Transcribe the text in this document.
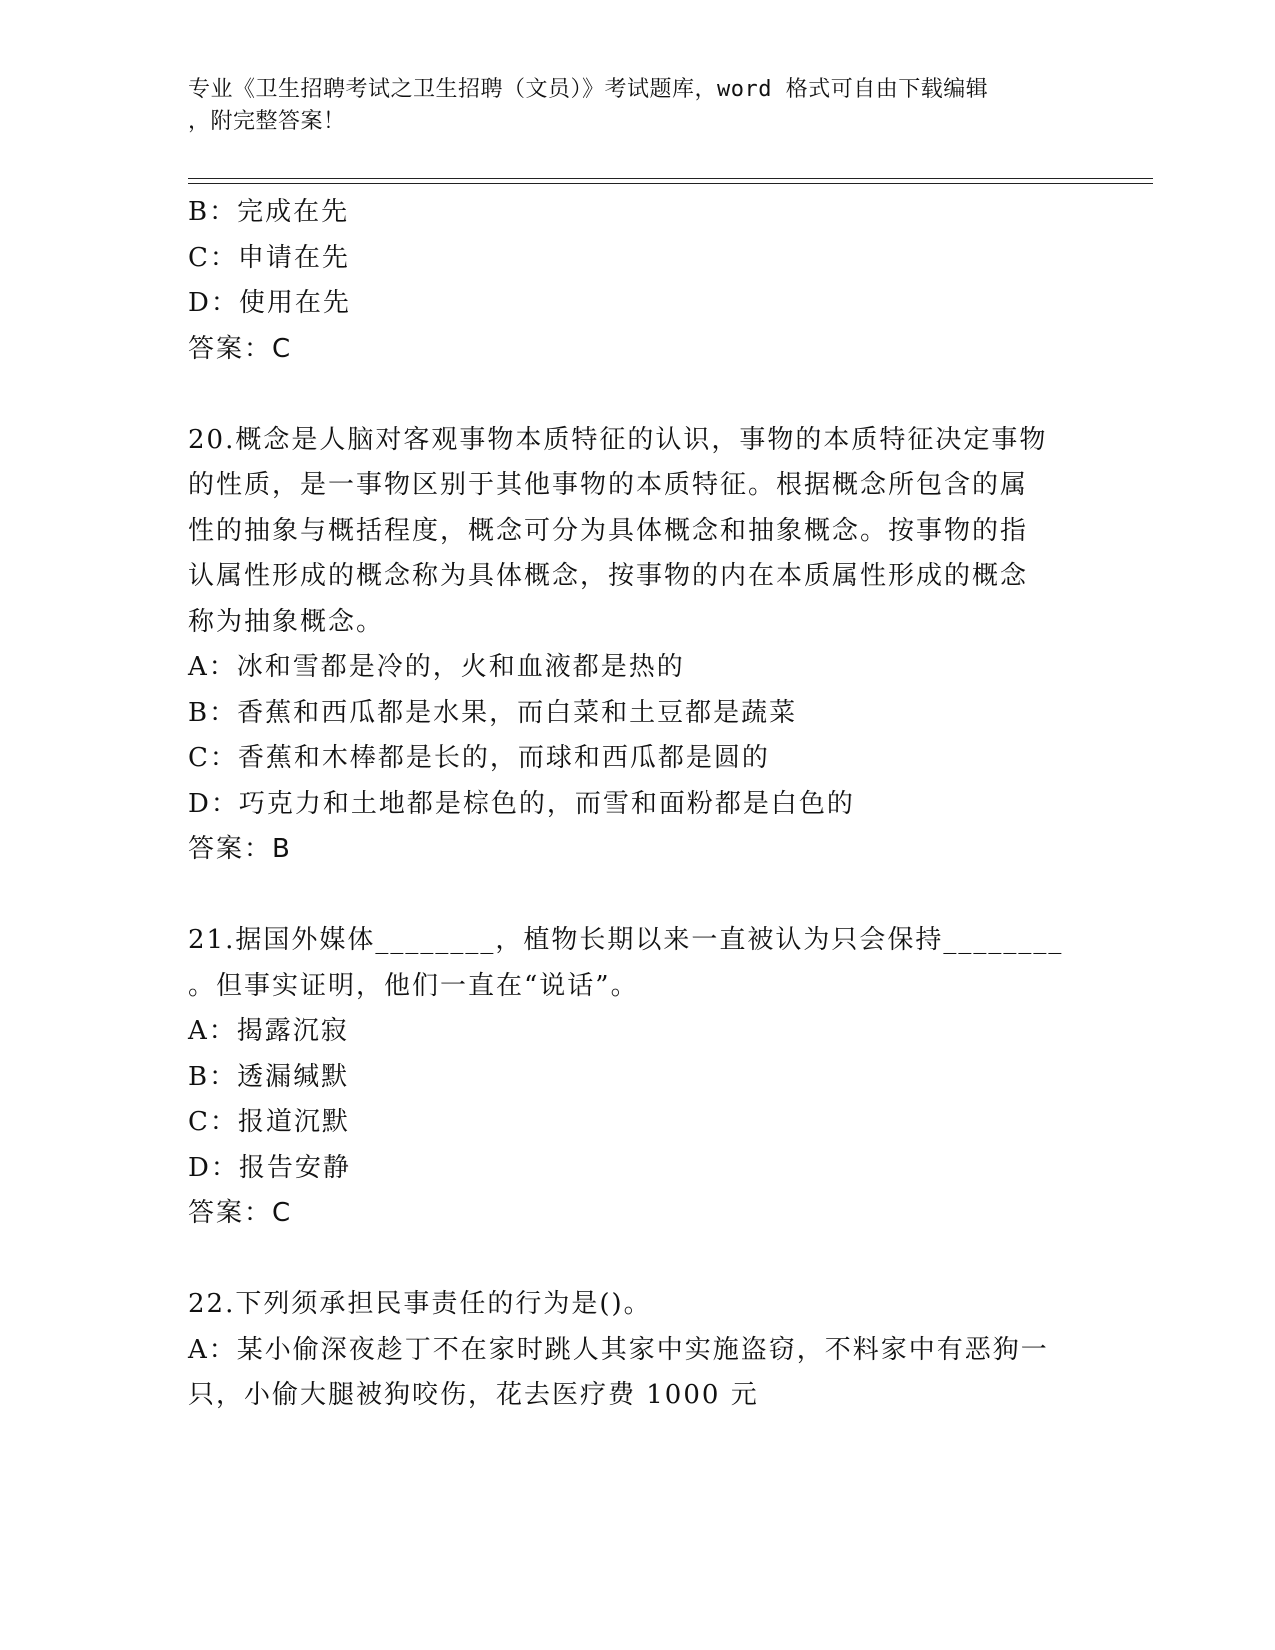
专业《卫生招聘考试之卫生招聘（文员）》考试题库，word 格式可自由下载编辑
，附完整答案！
B：完成在先
C：申请在先
D：使用在先
答案：C
20.概念是人脑对客观事物本质特征的认识，事物的本质特征决定事物
的性质，是一事物区别于其他事物的本质特征。根据概念所包含的属
性的抽象与概括程度，概念可分为具体概念和抽象概念。按事物的指
认属性形成的概念称为具体概念，按事物的内在本质属性形成的概念
称为抽象概念。
A：冰和雪都是冷的，火和血液都是热的
B：香蕉和西瓜都是水果，而白菜和土豆都是蔬菜
C：香蕉和木棒都是长的，而球和西瓜都是圆的
D：巧克力和土地都是棕色的，而雪和面粉都是白色的
答案：B
21.据国外媒体________，植物长期以来一直被认为只会保持________
。但事实证明，他们一直在“说话”。
A：揭露沉寂
B：透漏缄默
C：报道沉默
D：报告安静
答案：C
22.下列须承担民事责任的行为是()。
A：某小偷深夜趁丁不在家时跳人其家中实施盗窃，不料家中有恶狗一
只，小偷大腿被狗咬伤，花去医疗费 1000 元
